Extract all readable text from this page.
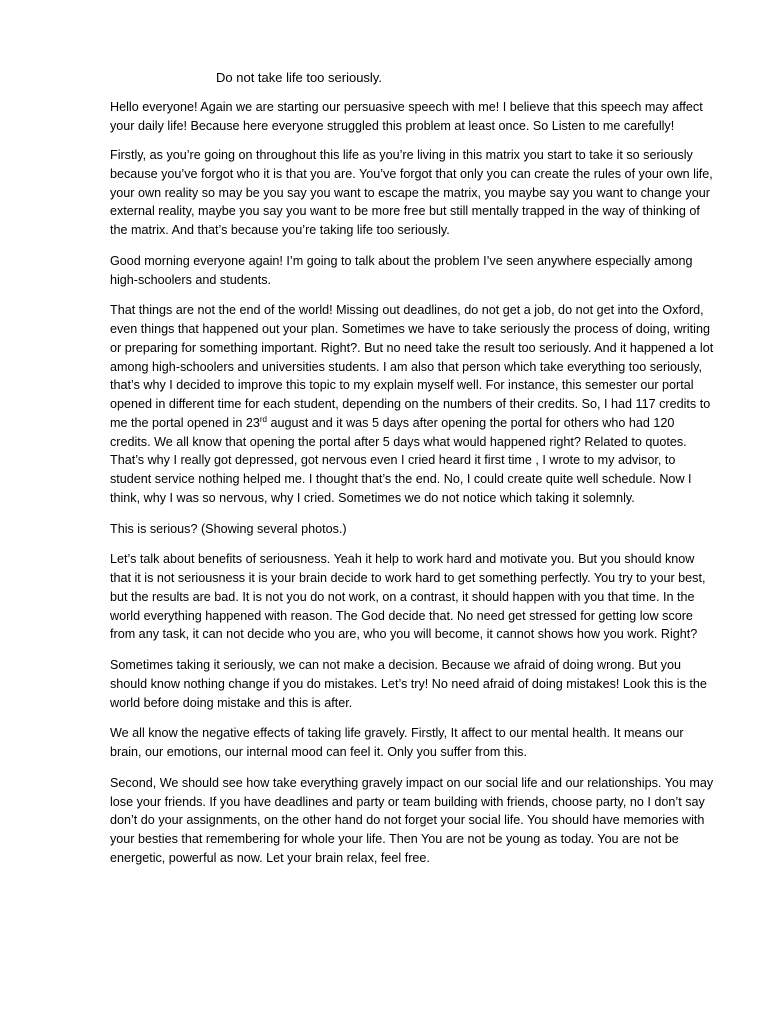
Do not take life too seriously.

Hello everyone! Again we are starting our persuasive speech with me! I believe that this speech may affect your daily life! Because here everyone struggled this problem at least once. So Listen to me carefully!

Firstly, as you’re going on throughout this life as you’re living in this matrix you start to take it so seriously because you’ve forgot who it is that you are. You’ve forgot that only you can create the rules of your own life, your own reality so may be you say you want to escape the matrix, you maybe say you want to change your external reality, maybe you say you want to be more free but still mentally trapped in the way of thinking of the matrix. And that’s because you’re taking life too seriously.

Good morning everyone again! I’m going to talk about the problem I’ve seen anywhere especially among high-schoolers and students.

That things are not the end of the world! Missing out deadlines, do not get a job, do not get into the Oxford, even things that happened out your plan. Sometimes we have to take seriously the process of doing, writing or preparing for something important. Right?. But no need take the result too seriously. And it happened a lot among high-schoolers and universities students. I am also that person which take everything too seriously, that’s why I decided to improve this topic to my explain myself well. For instance, this semester our portal opened in different time for each student, depending on the numbers of their credits. So, I had 117 credits to me the portal opened in 23rd august and it was 5 days after opening the portal for others who had 120 credits. We all know that opening the portal after 5 days what would happened right? Related to quotes. That’s why I really got depressed, got nervous even I cried heard it first time , I wrote to my advisor, to student service nothing helped me. I thought that’s the end. No, I could create quite well schedule. Now I think, why I was so nervous, why I cried. Sometimes we do not notice which taking it solemnly.

This is serious? (Showing several photos.)

Let’s talk about benefits of seriousness. Yeah it help to work hard and motivate you. But you should know that it is not seriousness it is your brain decide to work hard to get something perfectly. You try to your best, but the results are bad. It is not you do not work, on a contrast, it should happen with you that time. In the world everything happened with reason. The God decide that. No need get stressed for getting low score from any task, it can not decide who you are, who you will become, it cannot shows how you work. Right?

Sometimes taking it seriously, we can not make a decision. Because we afraid of doing wrong. But you should know nothing change if you do mistakes. Let’s try! No need afraid of doing mistakes! Look this is the world before doing mistake and this is after.

We all know the negative effects of taking life gravely. Firstly, It affect to our mental health. It means our brain, our emotions, our internal mood can feel it. Only you suffer from this.

Second, We should see how take everything gravely impact on our social life and our relationships. You may lose your friends. If you have deadlines and party or team building with friends, choose party, no I don’t say don’t do your assignments, on the other hand do not forget your social life. You should have memories with your besties that remembering for whole your life. Then You are not be young as today. You are not be energetic, powerful as now. Let your brain relax, feel free.
